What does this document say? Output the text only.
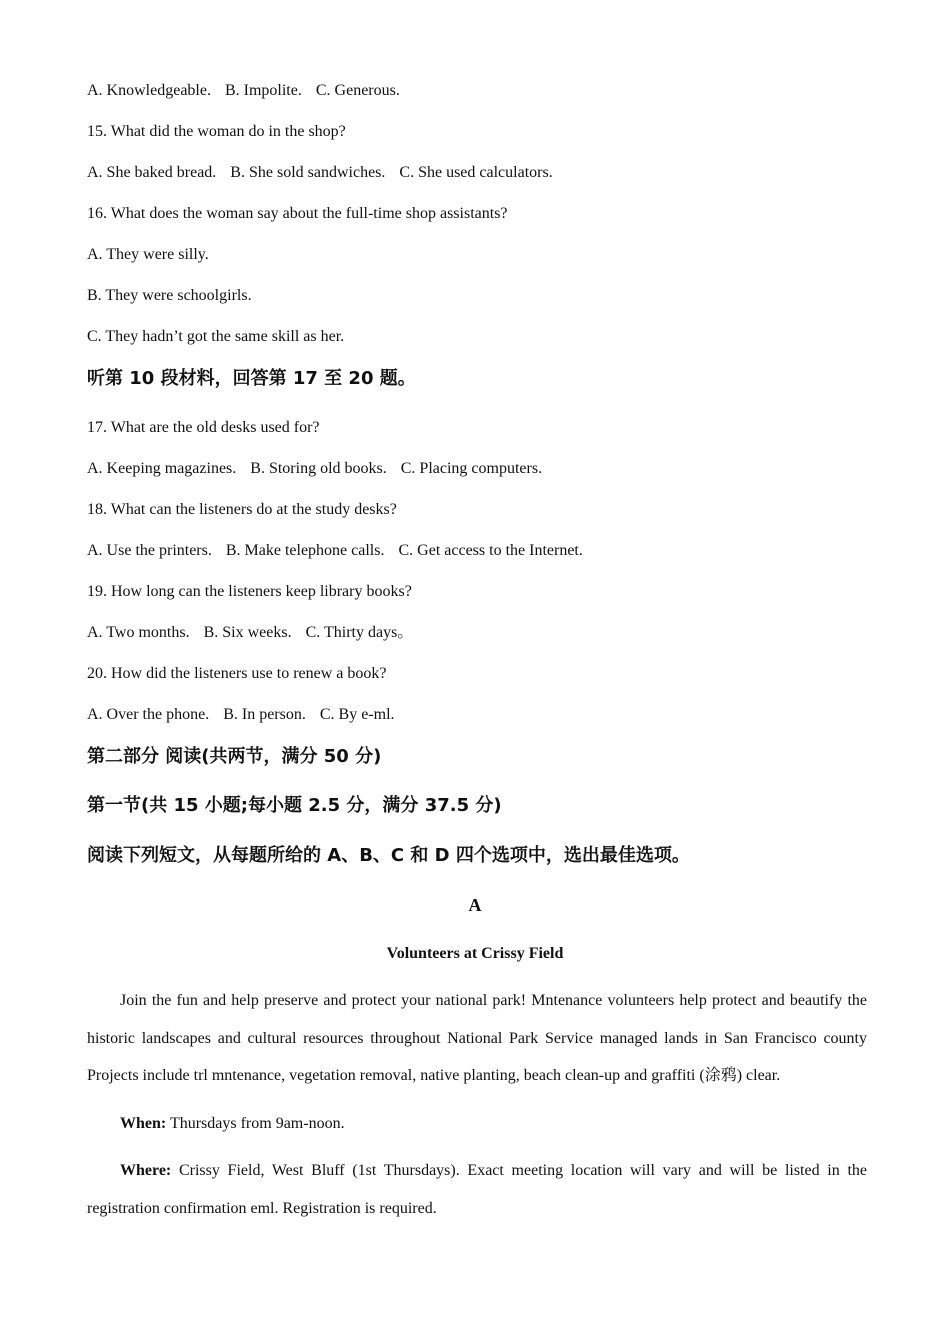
A. Knowledgeable. B. Impolite. C. Generous.
15. What did the woman do in the shop?
A. She baked bread. B. She sold sandwiches. C. She used calculators.
16. What does the woman say about the full-time shop assistants?
A. They were silly.
B. They were schoolgirls.
C. They hadn’t got the same skill as her.
听第 10 段材料，回答第 17 至 20 题。
17. What are the old desks used for?
A. Keeping magazines. B. Storing old books. C. Placing computers.
18. What can the listeners do at the study desks?
A. Use the printers. B. Make telephone calls. C. Get access to the Internet.
19. How long can the listeners keep library books?
A. Two months. B. Six weeks. C. Thirty days。
20. How did the listeners use to renew a book?
A. Over the phone. B. In person. C. By e-ml.
第二部分 阅读(共两节，满分 50 分)
第一节(共 15 小题;每小题 2.5 分，满分 37.5 分)
阅读下列短文，从每题所给的 A、B、C 和 D 四个选项中，选出最佳选项。
A
Volunteers at Crissy Field
Join the fun and help preserve and protect your national park! Mntenance volunteers help protect and beautify the historic landscapes and cultural resources throughout National Park Service managed lands in San Francisco county Projects include trl mntenance, vegetation removal, native planting, beach clean-up and graffiti (涂鸦) clear.
When: Thursdays from 9am-noon.
Where: Crissy Field, West Bluff (1st Thursdays). Exact meeting location will vary and will be listed in the registration confirmation eml. Registration is required.
